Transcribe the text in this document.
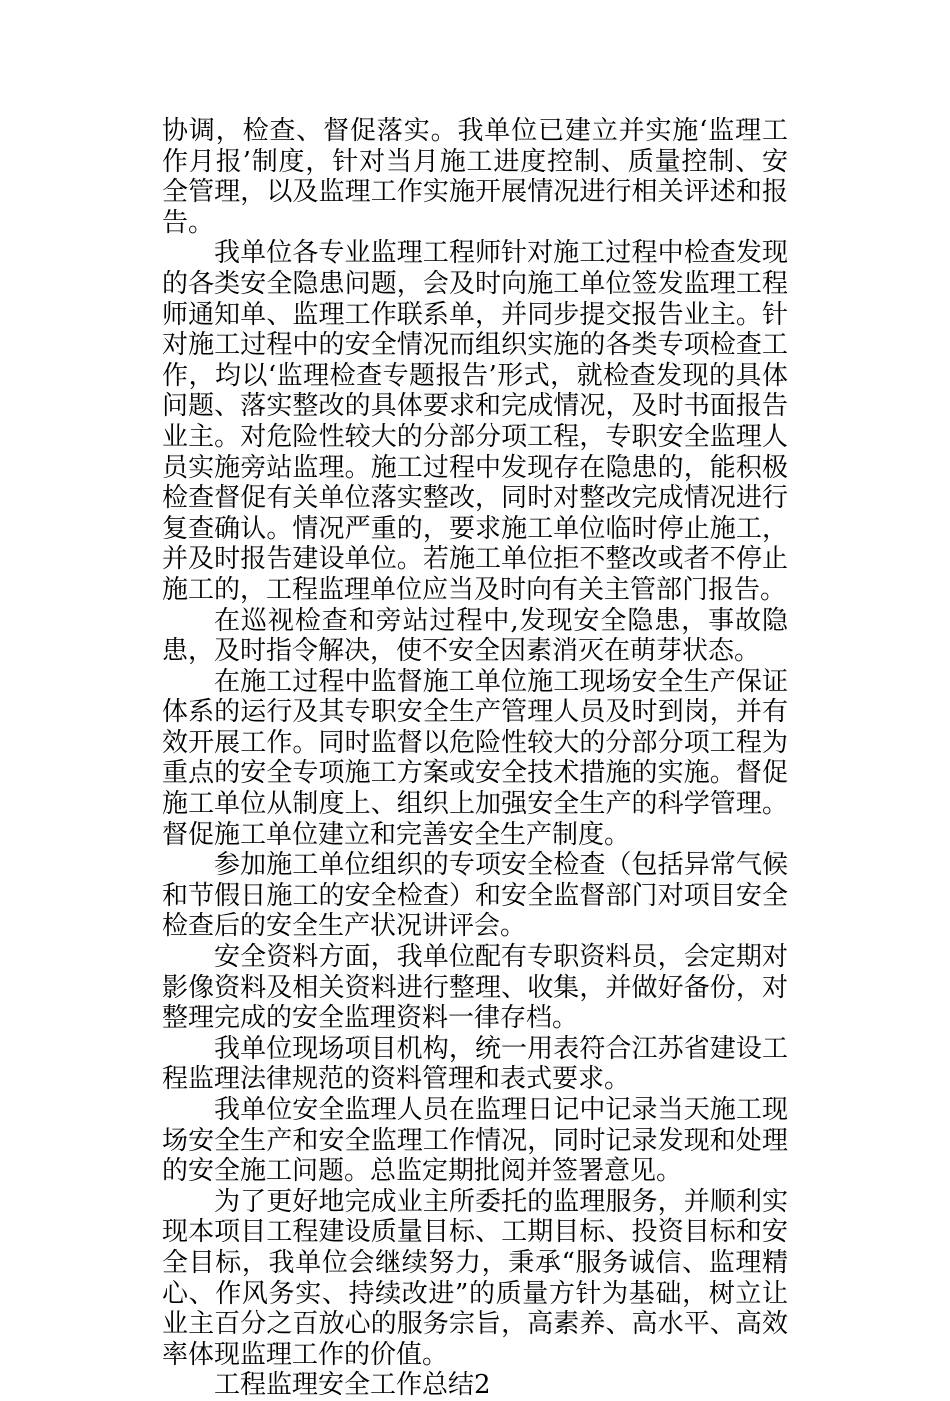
协调，检查、督促落实。我单位已建立并实施‘监理工作月报’制度，针对当月施工进度控制、质量控制、安全管理，以及监理工作实施开展情况进行相关评述和报告。

我单位各专业监理工程师针对施工过程中检查发现的各类安全隐患问题，会及时向施工单位签发监理工程师通知单、监理工作联系单，并同步提交报告业主。针对施工过程中的安全情况而组织实施的各类专项检查工作，均以‘监理检查专题报告’形式，就检查发现的具体问题、落实整改的具体要求和完成情况，及时书面报告业主。对危险性较大的分部分项工程，专职安全监理人员实施旁站监理。施工过程中发现存在隐患的，能积极检查督促有关单位落实整改，同时对整改完成情况进行复查确认。情况严重的，要求施工单位临时停止施工，并及时报告建设单位。若施工单位拒不整改或者不停止施工的，工程监理单位应当及时向有关主管部门报告。

在巡视检查和旁站过程中,发现安全隐患，事故隐患，及时指令解决，使不安全因素消灭在萌芽状态。

在施工过程中监督施工单位施工现场安全生产保证体系的运行及其专职安全生产管理人员及时到岗，并有效开展工作。同时监督以危险性较大的分部分项工程为重点的安全专项施工方案或安全技术措施的实施。督促施工单位从制度上、组织上加强安全生产的科学管理。督促施工单位建立和完善安全生产制度。

参加施工单位组织的专项安全检查（包括异常气候和节假日施工的安全检查）和安全监督部门对项目安全检查后的安全生产状况讲评会。

安全资料方面，我单位配有专职资料员，会定期对影像资料及相关资料进行整理、收集，并做好备份，对整理完成的安全监理资料一律存档。

我单位现场项目机构，统一用表符合江苏省建设工程监理法律规范的资料管理和表式要求。

我单位安全监理人员在监理日记中记录当天施工现场安全生产和安全监理工作情况，同时记录发现和处理的安全施工问题。总监定期批阅并签署意见。

为了更好地完成业主所委托的监理服务，并顺利实现本项目工程建设质量目标、工期目标、投资目标和安全目标，我单位会继续努力，秉承“服务诚信、监理精心、作风务实、持续改进”的质量方针为基础，树立让业主百分之百放心的服务宗旨，高素养、高水平、高效率体现监理工作的价值。

工程监理安全工作总结2
